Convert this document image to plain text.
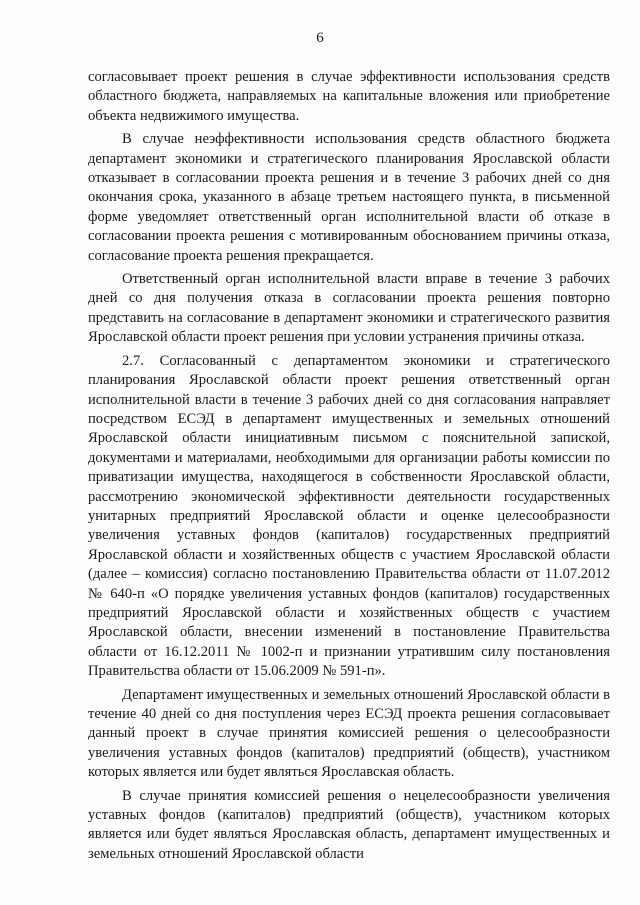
6

согласовывает проект решения в случае эффективности использования средств областного бюджета, направляемых на капитальные вложения или приобретение объекта недвижимого имущества.

В случае неэффективности использования средств областного бюджета департамент экономики и стратегического планирования Ярославской области отказывает в согласовании проекта решения и в течение 3 рабочих дней со дня окончания срока, указанного в абзаце третьем настоящего пункта, в письменной форме уведомляет ответственный орган исполнительной власти об отказе в согласовании проекта решения с мотивированным обоснованием причины отказа, согласование проекта решения прекращается.

Ответственный орган исполнительной власти вправе в течение 3 рабочих дней со дня получения отказа в согласовании проекта решения повторно представить на согласование в департамент экономики и стратегического развития Ярославской области проект решения при условии устранения причины отказа.

2.7. Согласованный с департаментом экономики и стратегического планирования Ярославской области проект решения ответственный орган исполнительной власти в течение 3 рабочих дней со дня согласования направляет посредством ЕСЭД в департамент имущественных и земельных отношений Ярославской области инициативным письмом с пояснительной запиской, документами и материалами, необходимыми для организации работы комиссии по приватизации имущества, находящегося в собственности Ярославской области, рассмотрению экономической эффективности деятельности государственных унитарных предприятий Ярославской области и оценке целесообразности увеличения уставных фондов (капиталов) государственных предприятий Ярославской области и хозяйственных обществ с участием Ярославской области (далее – комиссия) согласно постановлению Правительства области от 11.07.2012 № 640-п «О порядке увеличения уставных фондов (капиталов) государственных предприятий Ярославской области и хозяйственных обществ с участием Ярославской области, внесении изменений в постановление Правительства области от 16.12.2011 № 1002-п и признании утратившим силу постановления Правительства области от 15.06.2009 № 591-п».

Департамент имущественных и земельных отношений Ярославской области в течение 40 дней со дня поступления через ЕСЭД проекта решения согласовывает данный проект в случае принятия комиссией решения о целесообразности увеличения уставных фондов (капиталов) предприятий (обществ), участником которых является или будет являться Ярославская область.

В случае принятия комиссией решения о нецелесообразности увеличения уставных фондов (капиталов) предприятий (обществ), участником которых является или будет являться Ярославская область, департамент имущественных и земельных отношений Ярославской области
